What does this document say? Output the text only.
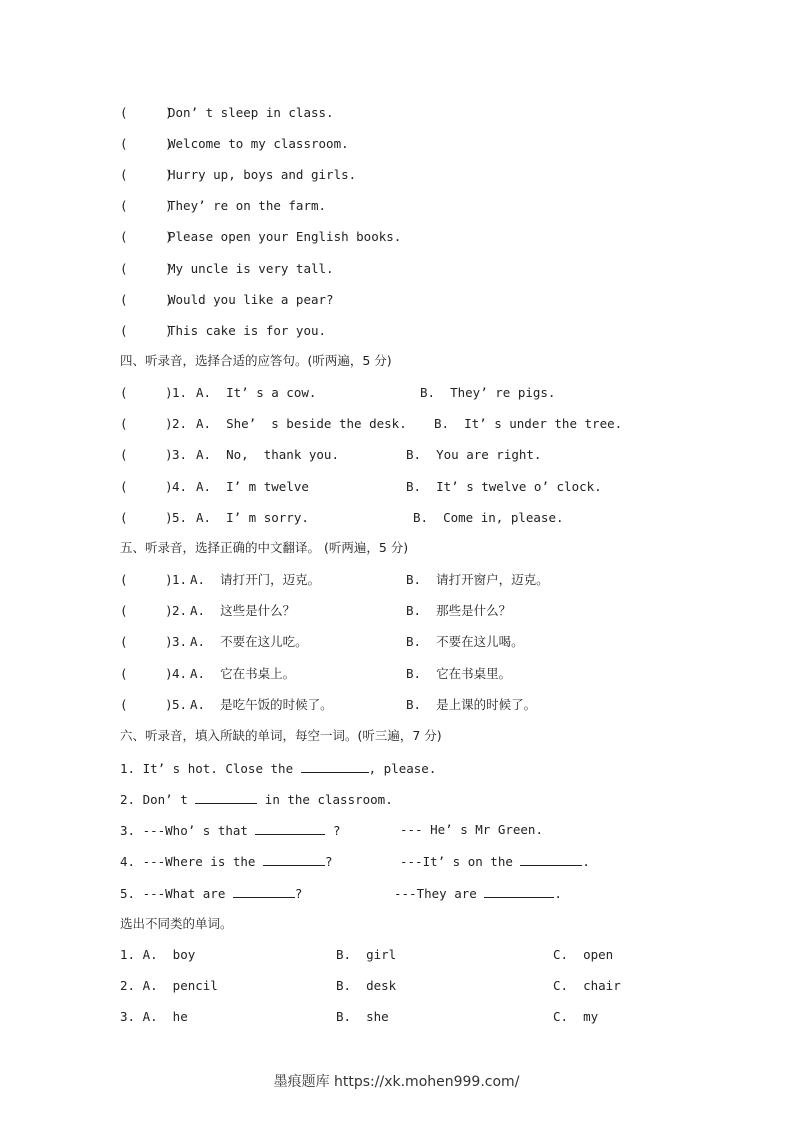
(     )Don’ t sleep in class.
(     )Welcome to my classroom.
(     )Hurry up, boys and girls.
(     )They’ re on the farm.
(     )Please open your English books.
(     )My uncle is very tall.
(     )Would you like a pear?
(     )This cake is for you.
四、听录音，选择合适的应答句。(听两遍，5 分)
(     )1. A.  It’ s a cow.	B.  They’ re pigs.
(     )2. A.  She’  s beside the desk. B.  It’ s under the tree.
(     )3. A.  No,  thank you.	B.  You are right.
(     )4. A.  I’ m twelve	B.  It’ s twelve o’ clock.
(     )5. A.  I’ m sorry.	B.  Come in, please.
五、听录音，选择正确的中文翻译。 (听两遍，5 分)
(     )1. A.  请打开门，迈克。	B.  请打开窗户，迈克。
(     )2. A.  这些是什么？	B.  那些是什么？
(     )3. A.  不要在这儿吃。	B.  不要在这儿喝。
(     )4. A.  它在书桌上。	B.  它在书桌里。
(     )5. A.  是吃午饭的时候了。	B.  是上课的时候了。
六、听录音，填入所缺的单词，每空一词。(听三遍，7 分)
1. It’ s hot. Close the	, please.
2. Don’ t	in the classroom.
3. ---Who’ s that	?	--- He’ s Mr Green.
4. ---Where is the	?	---It’ s on the	.
5. ---What are	?	---They are	.
选出不同类的单词。
1. A.  boy	B.  girl	C.  open
2. A.  pencil	B.  desk	C.  chair
3. A.  he	B.  she	C.  my
墨痕题库 https://xk.mohen999.com/
